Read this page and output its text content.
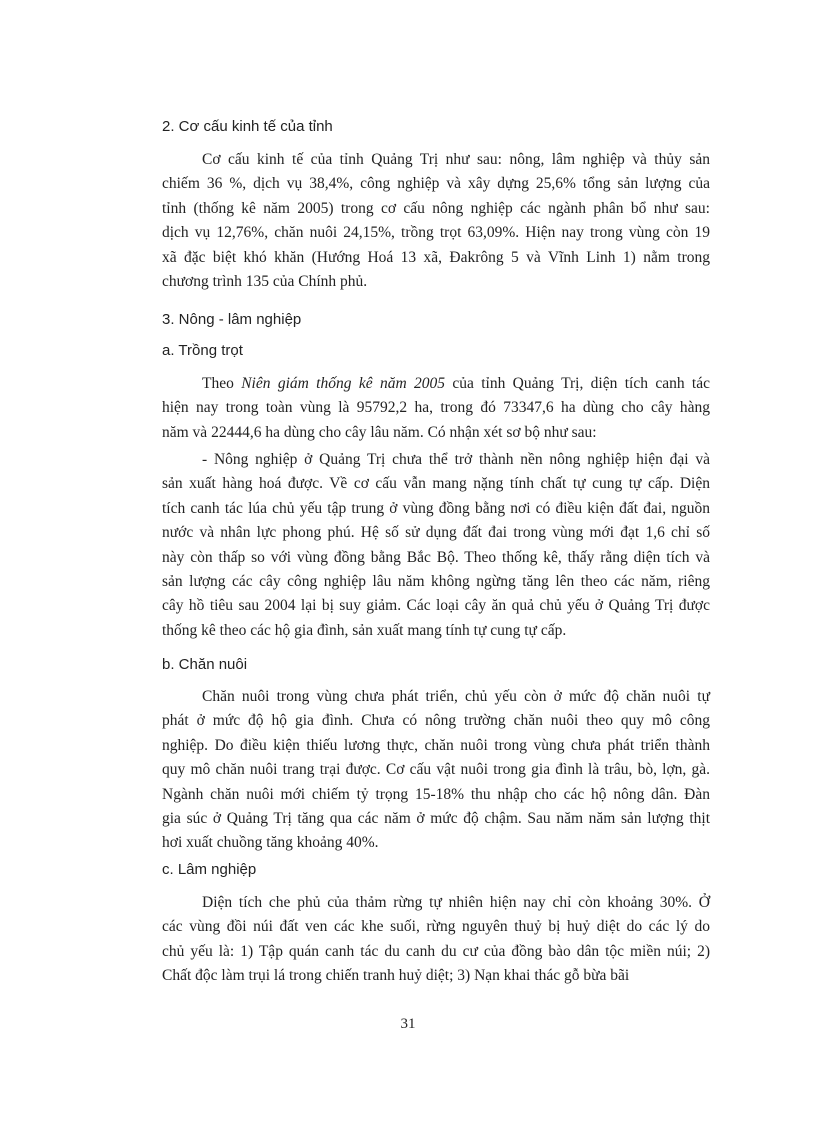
2. Cơ cấu kinh tế của tỉnh
Cơ cấu kinh tế của tỉnh Quảng Trị như sau: nông, lâm nghiệp và thủy sản
chiếm 36 %, dịch vụ 38,4%, công nghiệp và xây dựng 25,6% tổng sản lượng của
tỉnh (thống kê năm 2005) trong cơ cấu nông nghiệp các ngành phân bổ như sau:
dịch vụ 12,76%, chăn nuôi 24,15%, trồng trọt 63,09%. Hiện nay trong vùng còn 19
xã đặc biệt khó khăn (Hướng Hoá 13 xã, Đakrông 5 và Vĩnh Linh 1) nằm trong
chương trình 135 của Chính phủ.
3. Nông - lâm nghiệp
a. Trồng trọt
Theo Niên giám thống kê năm 2005 của tỉnh Quảng Trị, diện tích canh tác
hiện nay trong toàn vùng là 95792,2 ha, trong đó 73347,6 ha dùng cho cây hàng
năm và 22444,6 ha dùng cho cây lâu năm. Có nhận xét sơ bộ như sau:
- Nông nghiệp ở Quảng Trị chưa thể trở thành nền nông nghiệp hiện đại và
sản xuất hàng hoá được. Về cơ cấu vẫn mang nặng tính chất tự cung tự cấp. Diện
tích canh tác lúa chủ yếu tập trung ở vùng đồng bằng nơi có điều kiện đất đai, nguồn
nước và nhân lực phong phú. Hệ số sử dụng đất đai trong vùng mới đạt 1,6 chỉ số
này còn thấp so với vùng đồng bằng Bắc Bộ. Theo thống kê, thấy rằng diện tích và
sản lượng các cây công nghiệp lâu năm không ngừng tăng lên theo các năm, riêng
cây hồ tiêu sau 2004 lại bị suy giảm. Các loại cây ăn quả chủ yếu ở Quảng Trị được
thống kê theo các hộ gia đình, sản xuất mang tính tự cung tự cấp.
b. Chăn nuôi
Chăn nuôi trong vùng chưa phát triển, chủ yếu còn ở mức độ chăn nuôi tự
phát ở mức độ hộ gia đình. Chưa có nông trường chăn nuôi theo quy mô công
nghiệp. Do điều kiện thiếu lương thực, chăn nuôi trong vùng chưa phát triển thành
quy mô chăn nuôi trang trại được. Cơ cấu vật nuôi trong gia đình là trâu, bò, lợn, gà.
Ngành chăn nuôi mới chiếm tỷ trọng 15-18% thu nhập cho các hộ nông dân. Đàn
gia súc ở Quảng Trị tăng qua các năm ở mức độ chậm. Sau năm năm sản lượng thịt
hơi xuất chuồng tăng khoảng 40%.
c. Lâm nghiệp
Diện tích che phủ của thảm rừng tự nhiên hiện nay chỉ còn khoảng 30%. Ở
các vùng đồi núi đất ven các khe suối, rừng nguyên thuỷ bị huỷ diệt do các lý do
chủ yếu là: 1) Tập quán canh tác du canh du cư của đồng bào dân tộc miền núi; 2)
Chất độc làm trụi lá trong chiến tranh huỷ diệt; 3) Nạn khai thác gỗ bừa bãi
31
